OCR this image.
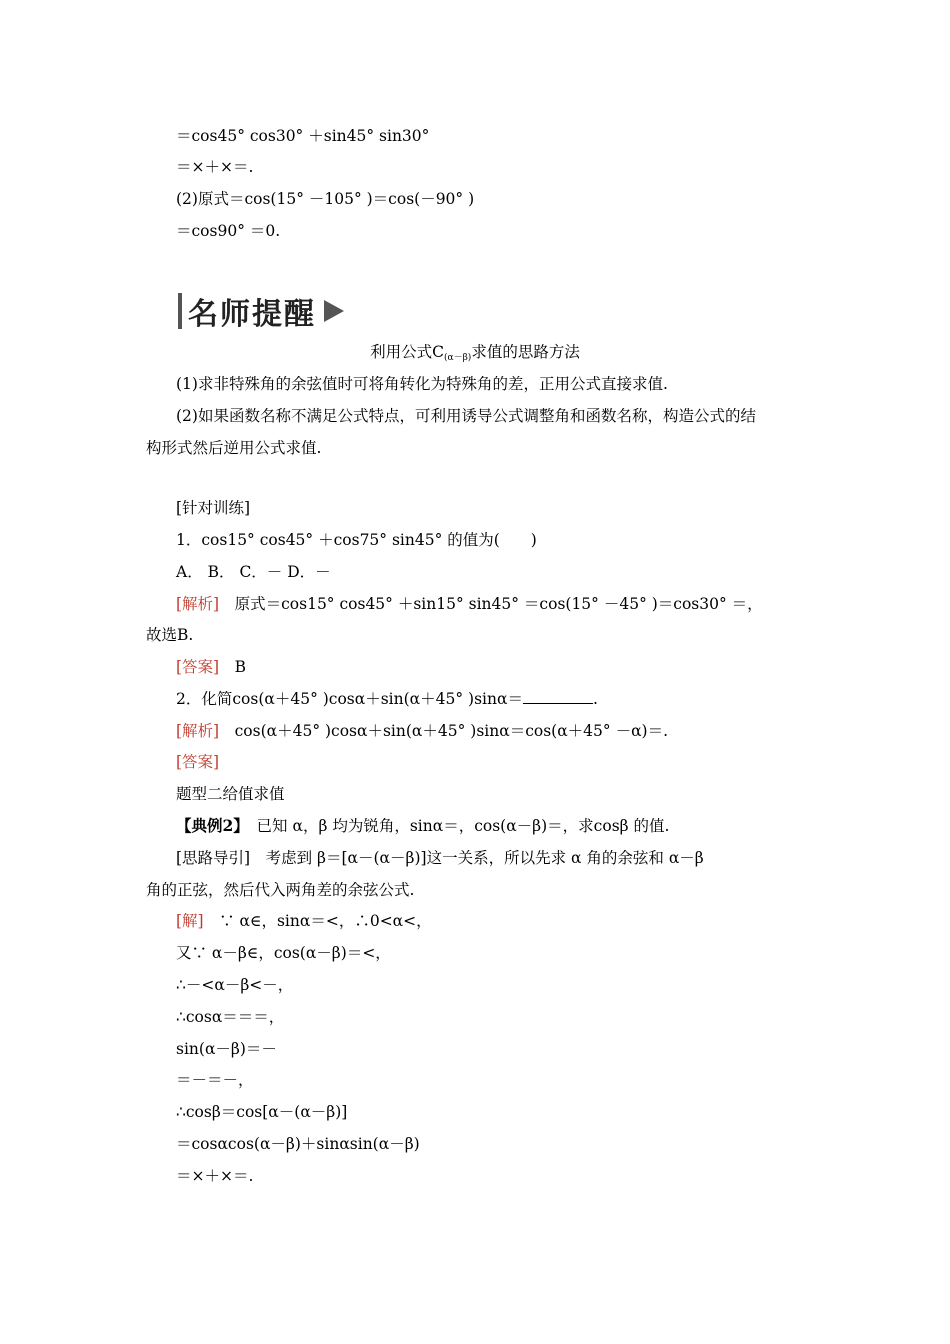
＝cos45° cos30° ＋sin45° sin30°
＝×＋×＝.
(2)原式＝cos(15° －105° )＝cos(－90° )
＝cos90° ＝0.
名师提醒
利用公式$C_{(\alpha-\beta)}$求值的思路方法
(1)求非特殊角的余弦值时可将角转化为特殊角的差，正用公式直接求值.
(2)如果函数名称不满足公式特点，可利用诱导公式调整角和函数名称，构造公式的结
构形式然后逆用公式求值.
[针对训练]
1．cos15° cos45° ＋cos75° sin45° 的值为(　　)
A． B． C．－ D．－
[解析]　原式＝cos15° cos45° ＋sin15° sin45° ＝cos(15° －45° )＝cos30° ＝，
故选B.
[答案]　B
2．化简cos(α＋45° )cosα＋sin(α＋45° )sinα＝	.
[解析]　cos(α＋45° )cosα＋sin(α＋45° )sinα＝cos(α＋45° －α)＝.
[答案]
题型二给值求值
【典例2】　已知 α，β 均为锐角，sinα＝，cos(α－β)＝，求cosβ 的值.
[思路导引]　考虑到 β＝[α－(α－β)]这一关系，所以先求 α 角的余弦和 α－β
角的正弦，然后代入两角差的余弦公式.
[解]　∵ α∈，sinα＝<，∴0<α<，
又∵ α－β∈，cos(α－β)＝<，
∴－<α－β<－，
∴cosα＝＝＝，
sin(α－β)＝－
＝－＝－，
∴cosβ＝cos[α－(α－β)]
＝cosαcos(α－β)＋sinαsin(α－β)
＝×＋×＝.
